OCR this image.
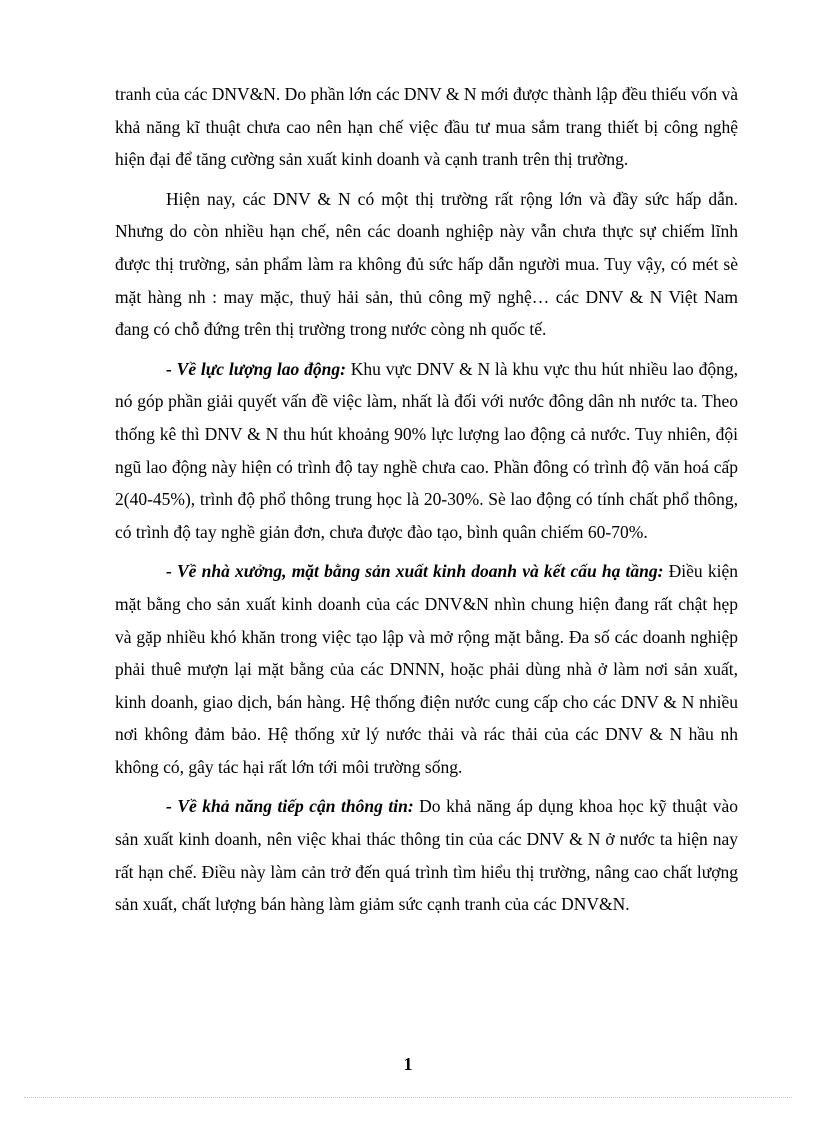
tranh của các DNV&N. Do phần lớn các DNV & N mới được thành lập đều thiếu vốn và khả năng kĩ thuật chưa cao nên hạn chế việc đầu tư mua sắm trang thiết bị công nghệ hiện đại để tăng cường sản xuất kinh doanh và cạnh tranh trên thị trường.

Hiện nay, các DNV & N có một thị trường rất rộng lớn và đầy sức hấp dẫn. Nhưng do còn nhiều hạn chế, nên các doanh nghiệp này vẫn chưa thực sự chiếm lĩnh được thị trường, sản phẩm làm ra không đủ sức hấp dẫn người mua. Tuy vậy, có mét sè mặt hàng nh : may mặc, thuỷ hải sản, thủ công mỹ nghệ… các DNV & N Việt Nam đang có chỗ đứng trên thị trường trong nước còng nh quốc tế.

- Về lực lượng lao động: Khu vực DNV & N là khu vực thu hút nhiều lao động, nó góp phần giải quyết vấn đề việc làm, nhất là đối với nước đông dân nh nước ta. Theo thống kê thì DNV & N thu hút khoảng 90% lực lượng lao động cả nước. Tuy nhiên, đội ngũ lao động này hiện có trình độ tay nghề chưa cao. Phần đông có trình độ văn hoá cấp 2(40-45%), trình độ phổ thông trung học là 20-30%. Sè lao động có tính chất phổ thông, có trình độ tay nghề giản đơn, chưa được đào tạo, bình quân chiếm 60-70%.

- Về nhà xưởng, mặt bằng sản xuất kinh doanh và kết cấu hạ tầng: Điều kiện mặt bằng cho sản xuất kinh doanh của các DNV&N nhìn chung hiện đang rất chật hẹp và gặp nhiều khó khăn trong việc tạo lập và mở rộng mặt bằng. Đa số các doanh nghiệp phải thuê mượn lại mặt bằng của các DNNN, hoặc phải dùng nhà ở làm nơi sản xuất, kinh doanh, giao dịch, bán hàng. Hệ thống điện nước cung cấp cho các DNV & N nhiều nơi không đảm bảo. Hệ thống xử lý nước thải và rác thải của các DNV & N hầu nh không có, gây tác hại rất lớn tới môi trường sống.

- Về khả năng tiếp cận thông tin: Do khả năng áp dụng khoa học kỹ thuật vào sản xuất kinh doanh, nên việc khai thác thông tin của các DNV & N ở nước ta hiện nay rất hạn chế. Điều này làm cản trở đến quá trình tìm hiểu thị trường, nâng cao chất lượng sản xuất, chất lượng bán hàng làm giảm sức cạnh tranh của các DNV&N.

1
